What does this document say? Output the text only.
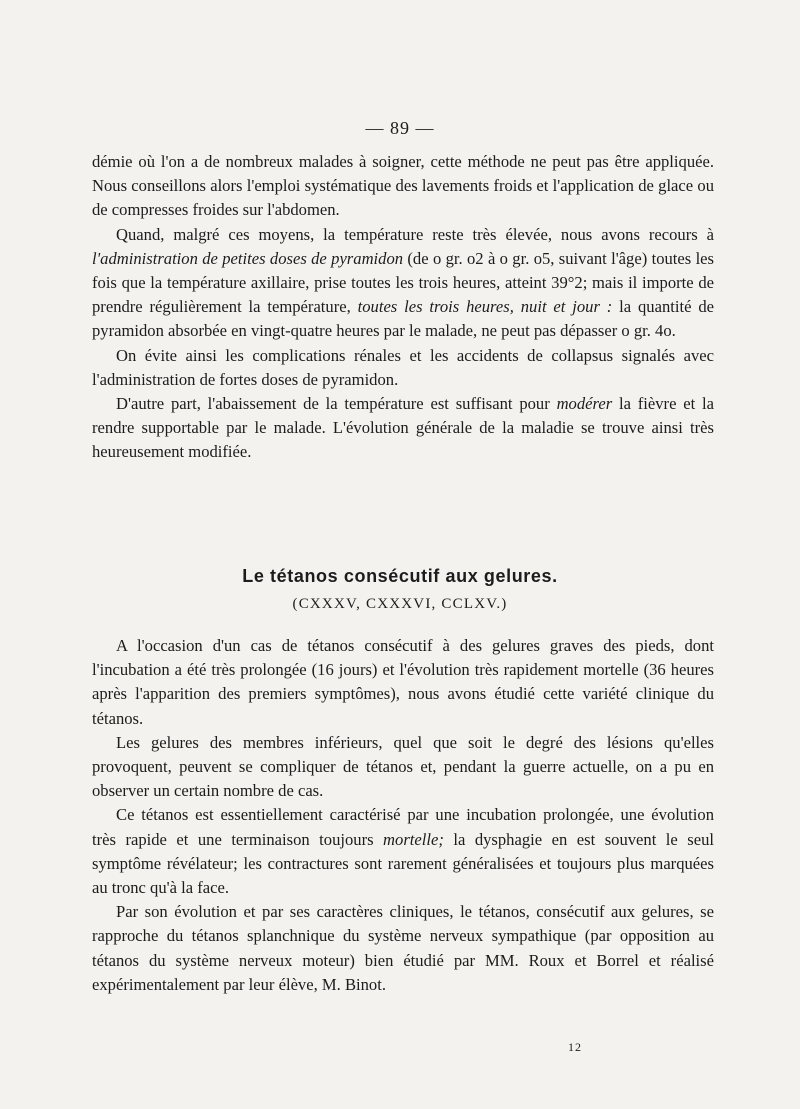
— 89 —

démie où l'on a de nombreux malades à soigner, cette méthode ne peut pas être appliquée. Nous conseillons alors l'emploi systématique des lavements froids et l'application de glace ou de compresses froides sur l'abdomen.

Quand, malgré ces moyens, la température reste très élevée, nous avons recours à l'administration de petites doses de pyramidon (de o gr. o2 à o gr. o5, suivant l'âge) toutes les fois que la température axillaire, prise toutes les trois heures, atteint 39°2; mais il importe de prendre régulièrement la température, toutes les trois heures, nuit et jour : la quantité de pyramidon absorbée en vingt-quatre heures par le malade, ne peut pas dépasser o gr. 4o.

On évite ainsi les complications rénales et les accidents de collapsus signalés avec l'administration de fortes doses de pyramidon.

D'autre part, l'abaissement de la température est suffisant pour modérer la fièvre et la rendre supportable par le malade. L'évolution générale de la maladie se trouve ainsi très heureusement modifiée.

Le tétanos consécutif aux gelures.
(CXXXV, CXXXVI, CCLXV.)

A l'occasion d'un cas de tétanos consécutif à des gelures graves des pieds, dont l'incubation a été très prolongée (16 jours) et l'évolution très rapidement mortelle (36 heures après l'apparition des premiers symptômes), nous avons étudié cette variété clinique du tétanos.

Les gelures des membres inférieurs, quel que soit le degré des lésions qu'elles provoquent, peuvent se compliquer de tétanos et, pendant la guerre actuelle, on a pu en observer un certain nombre de cas.

Ce tétanos est essentiellement caractérisé par une incubation prolongée, une évolution très rapide et une terminaison toujours mortelle; la dysphagie en est souvent le seul symptôme révélateur; les contractures sont rarement généralisées et toujours plus marquées au tronc qu'à la face.

Par son évolution et par ses caractères cliniques, le tétanos, consécutif aux gelures, se rapproche du tétanos splanchnique du système nerveux sympathique (par opposition au tétanos du système nerveux moteur) bien étudié par MM. Roux et Borrel et réalisé expérimentalement par leur élève, M. Binot.

12
